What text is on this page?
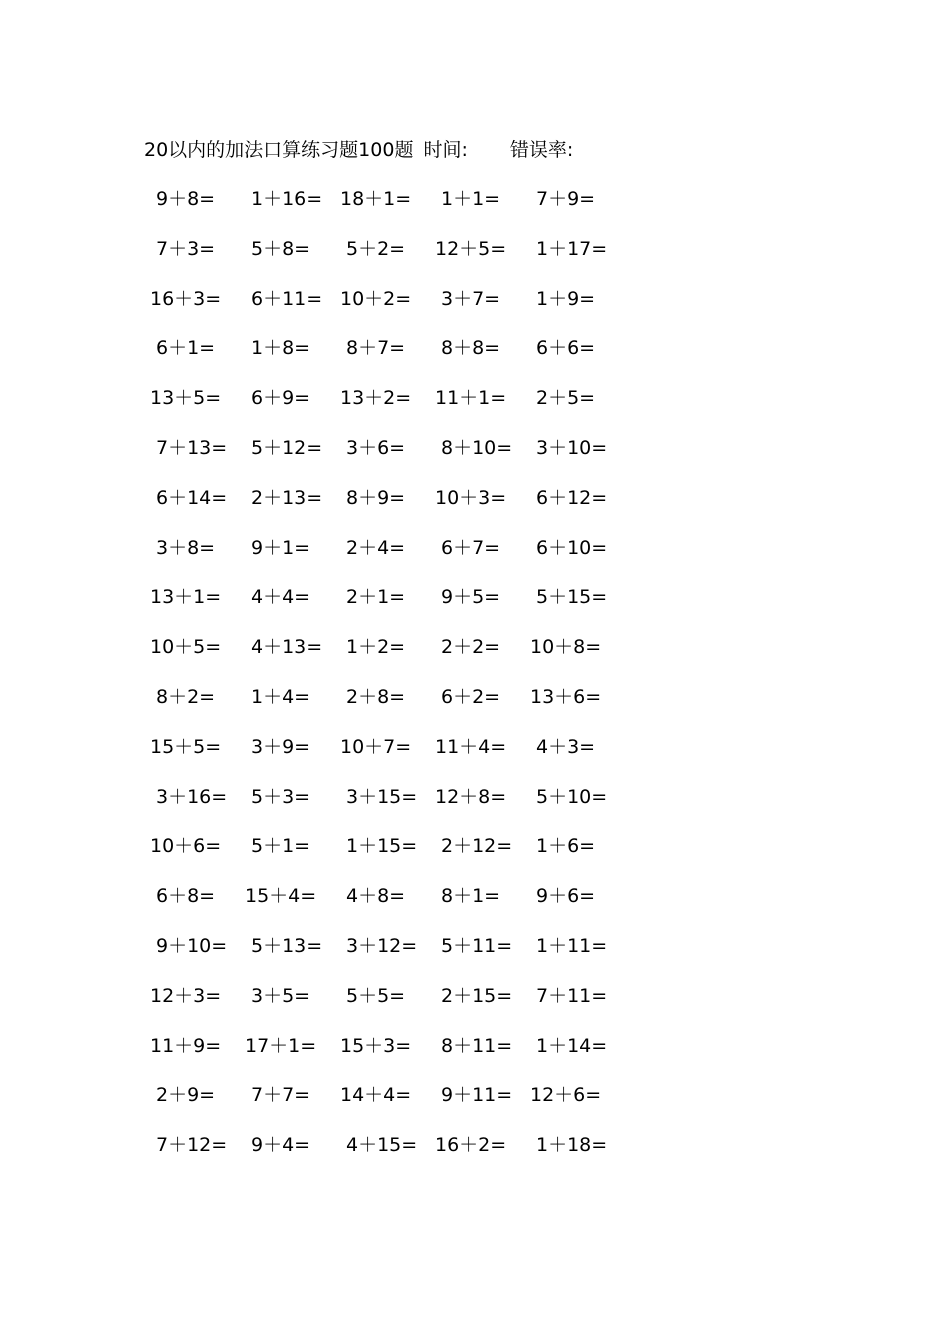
20以内的加法口算练习题100题 时间: 错误率:
9＋8= 1＋16= 18＋1= 1＋1= 7＋9=
7＋3= 5＋8= 5＋2= 12＋5= 1＋17=
16＋3= 6＋11= 10＋2= 3＋7= 1＋9=
6＋1= 1＋8= 8＋7= 8＋8= 6＋6=
13＋5= 6＋9= 13＋2= 11＋1= 2＋5=
7＋13= 5＋12= 3＋6= 8＋10= 3＋10=
6＋14= 2＋13= 8＋9= 10＋3= 6＋12=
3＋8= 9＋1= 2＋4= 6＋7= 6＋10=
13＋1= 4＋4= 2＋1= 9＋5= 5＋15=
10＋5= 4＋13= 1＋2= 2＋2= 10＋8=
8＋2= 1＋4= 2＋8= 6＋2= 13＋6=
15＋5= 3＋9= 10＋7= 11＋4= 4＋3=
3＋16= 5＋3= 3＋15= 12＋8= 5＋10=
10＋6= 5＋1= 1＋15= 2＋12= 1＋6=
6＋8= 15＋4= 4＋8= 8＋1= 9＋6=
9＋10= 5＋13= 3＋12= 5＋11= 1＋11=
12＋3= 3＋5= 5＋5= 2＋15= 7＋11=
11＋9= 17＋1= 15＋3= 8＋11= 1＋14=
2＋9= 7＋7= 14＋4= 9＋11= 12＋6=
7＋12= 9＋4= 4＋15= 16＋2= 1＋18=
